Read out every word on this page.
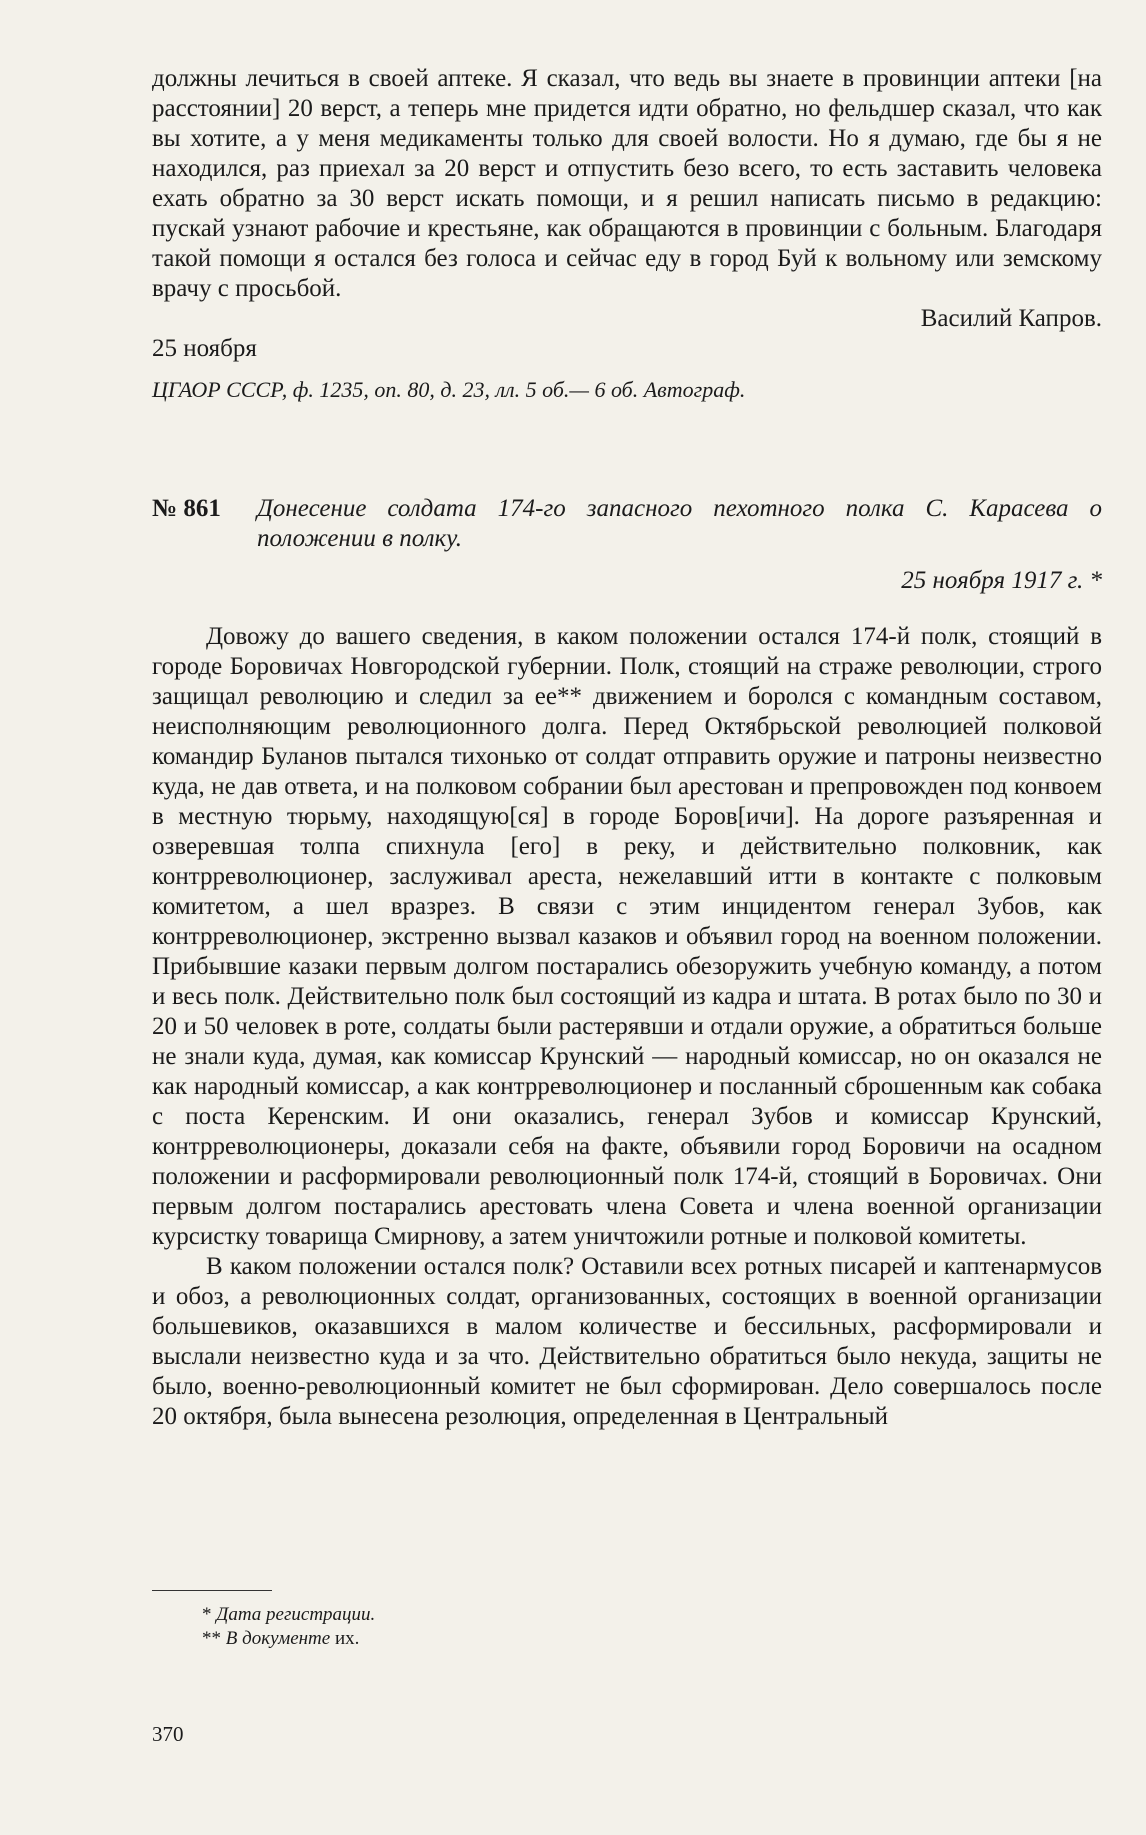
должны лечиться в своей аптеке. Я сказал, что ведь вы знаете в провинции аптеки [на расстоянии] 20 верст, а теперь мне придется идти обратно, но фельдшер сказал, что как вы хотите, а у меня медикаменты только для своей волости. Но я думаю, где бы я не находился, раз приехал за 20 верст и отпустить безо всего, то есть заставить человека ехать обратно за 30 верст искать помощи, и я решил написать письмо в редакцию: пускай узнают рабочие и крестьяне, как обращаются в провинции с больным. Благодаря такой помощи я остался без голоса и сейчас еду в город Буй к вольному или земскому врачу с просьбой.

Василий Капров.

25 ноября

ЦГАОР СССР, ф. 1235, оп. 80, д. 23, лл. 5 об.— 6 об. Автограф.

№ 861 Донесение солдата 174-го запасного пехотного полка С. Карасева о положении в полку.

25 ноября 1917 г. *

Довожу до вашего сведения, в каком положении остался 174-й полк, стоящий в городе Боровичах Новгородской губернии. Полк, стоящий на страже революции, строго защищал революцию и следил за ее** движением и боролся с командным составом, неисполняющим революционного долга. Перед Октябрьской революцией полковой командир Буланов пытался тихонько от солдат отправить оружие и патроны неизвестно куда, не дав ответа, и на полковом собрании был арестован и препровожден под конвоем в местную тюрьму, находящую[ся] в городе Боров[ичи]. На дороге разъяренная и озверевшая толпа спихнула [его] в реку, и действительно полковник, как контрреволюционер, заслуживал ареста, нежелавший итти в контакте с полковым комитетом, а шел вразрез. В связи с этим инцидентом генерал Зубов, как контрреволюционер, экстренно вызвал казаков и объявил город на военном положении. Прибывшие казаки первым долгом постарались обезоружить учебную команду, а потом и весь полк. Действительно полк был состоящий из кадра и штата. В ротах было по 30 и 20 и 50 человек в роте, солдаты были растерявши и отдали оружие, а обратиться больше не знали куда, думая, как комиссар Крунский — народный комиссар, но он оказался не как народный комиссар, а как контрреволюционер и посланный сброшенным как собака с поста Керенским. И они оказались, генерал Зубов и комиссар Крунский, контрреволюционеры, доказали себя на факте, объявили город Боровичи на осадном положении и расформировали революционный полк 174-й, стоящий в Боровичах. Они первым долгом постарались арестовать члена Совета и члена военной организации курсистку товарища Смирнову, а затем уничтожили ротные и полковой комитеты.

В каком положении остался полк? Оставили всех ротных писарей и каптенармусов и обоз, а революционных солдат, организованных, состоящих в военной организации большевиков, оказавшихся в малом количестве и бессильных, расформировали и выслали неизвестно куда и за что. Действительно обратиться было некуда, защиты не было, военно-революционный комитет не был сформирован. Дело совершалось после 20 октября, была вынесена резолюция, определенная в Центральный

* Дата регистрации.

** В документе их.

370
